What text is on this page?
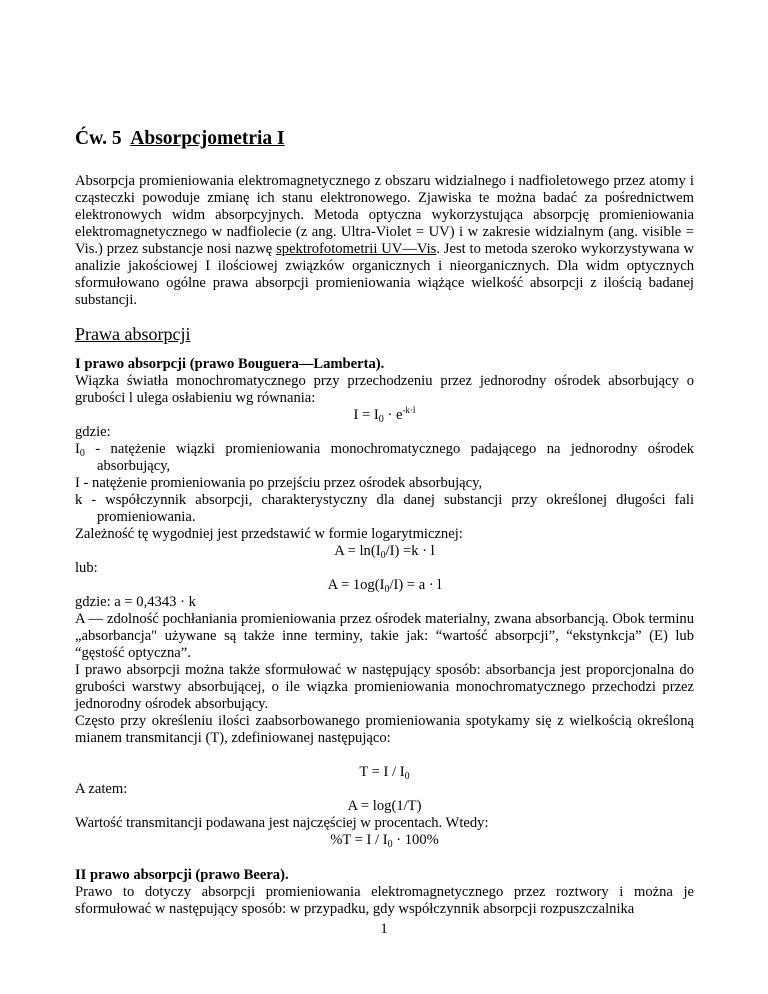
Ćw. 5 Absorpcjometria I

Absorpcja promieniowania elektromagnetycznego z obszaru widzialnego i nadfioletowego przez atomy i cząsteczki powoduje zmianę ich stanu elektronowego. Zjawiska te można badać za pośrednictwem elektronowych widm absorpcyjnych. Metoda optyczna wykorzystująca absorpcję promieniowania elektromagnetycznego w nadfiolecie (z ang. Ultra-Violet = UV) i w zakresie widzialnym (ang. visible = Vis.) przez substancje nosi nazwę spektrofotometrii UV—Vis. Jest to metoda szeroko wykorzystywana w analizie jakościowej I ilościowej związków organicznych i nieorganicznych. Dla widm optycznych sformułowano ogólne prawa absorpcji promieniowania wiążące wielkość absorpcji z ilością badanej substancji.

Prawa absorpcji

I prawo absorpcji (prawo Bouguera—Lamberta).

Wiązka światła monochromatycznego przy przechodzeniu przez jednorodny ośrodek absorbujący o grubości l ulega osłabieniu wg równania:

$I = I_0 \cdot e^{-k\cdot l}$

gdzie:

$I_0$ - natężenie wiązki promieniowania monochromatycznego padającego na jednorodny ośrodek absorbujący,

I - natężenie promieniowania po przejściu przez ośrodek absorbujący,

k - współczynnik absorpcji, charakterystyczny dla danej substancji przy określonej długości fali promieniowania.

Zależność tę wygodniej jest przedstawić w formie logarytmicznej:

$A = \ln(I_0/I) =k \cdot l$

lub:

$A = 1og(I_0/I) = a \cdot l$

gdzie: a = 0,4343 · k

A — zdolność pochłaniania promieniowania przez ośrodek materialny, zwana absorbancją. Obok terminu „absorbancja" używane są także inne terminy, takie jak: “wartość absorpcji”, “ekstynkcja” (E) lub “gęstość optyczna”.

I prawo absorpcji można także sformułować w następujący sposób: absorbancja jest proporcjonalna do grubości warstwy absorbującej, o ile wiązka promieniowania monochromatycznego przechodzi przez jednorodny ośrodek absorbujący.

Często przy określeniu ilości zaabsorbowanego promieniowania spotykamy się z wielkością określoną mianem transmitancji (T), zdefiniowanej następująco:

$T = I / I_0$

A zatem:

A = log(1/T)

Wartość transmitancji podawana jest najczęściej w procentach. Wtedy:

$\%T = I / I_0 \cdot 100\%$

II prawo absorpcji (prawo Beera).

Prawo to dotyczy absorpcji promieniowania elektromagnetycznego przez roztwory i można je sformułować w następujący sposób: w przypadku, gdy współczynnik absorpcji rozpuszczalnika

1
